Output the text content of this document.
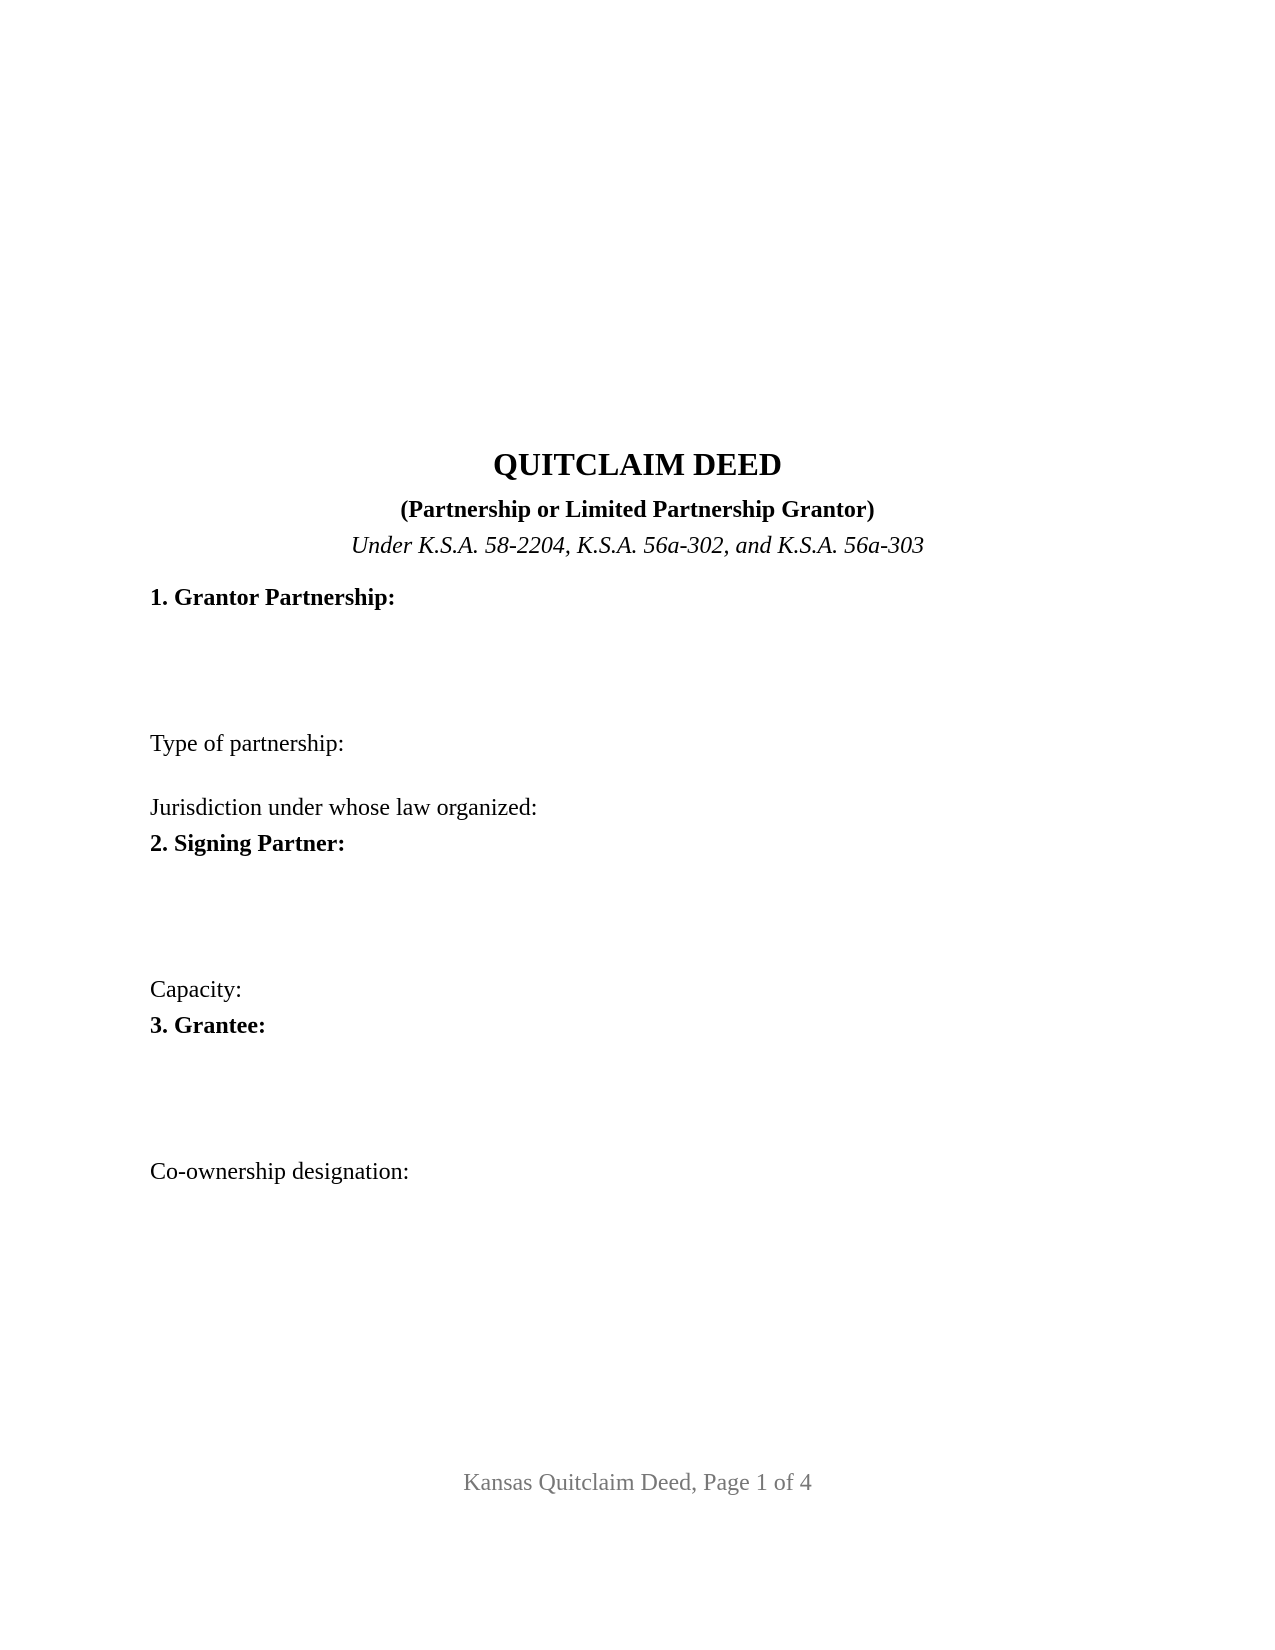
QUITCLAIM DEED
(Partnership or Limited Partnership Grantor)
Under K.S.A. 58-2204, K.S.A. 56a-302, and K.S.A. 56a-303
1. Grantor Partnership:
Type of partnership:
Jurisdiction under whose law organized:
2. Signing Partner:
Capacity:
3. Grantee:
Co-ownership designation:
Kansas Quitclaim Deed, Page 1 of 4
